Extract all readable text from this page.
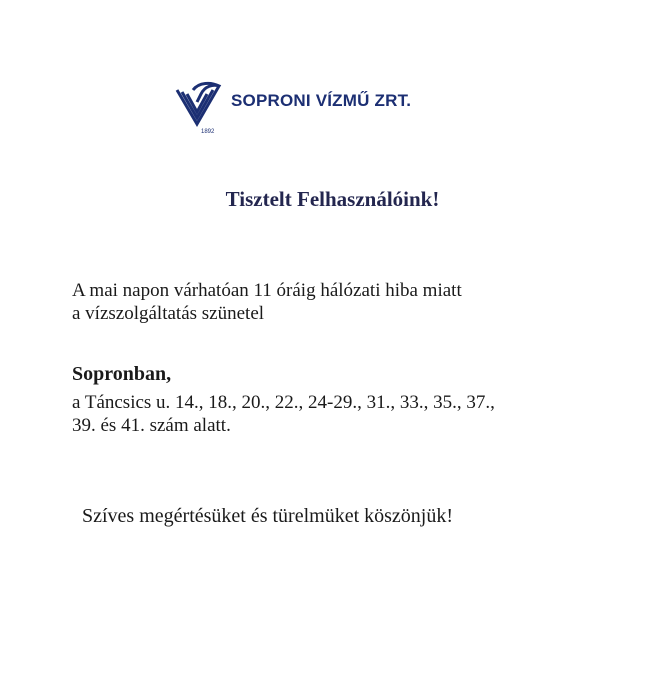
1892
SOPRONI VÍZMŰ ZRT.
Tisztelt Felhasználóink!

A mai napon várhatóan 11 óráig hálózati hiba miatt
a vízszolgáltatás szünetel

Sopronban,

a Táncsics u. 14., 18., 20., 22., 24-29., 31., 33., 35., 37.,
39. és 41. szám alatt.

Szíves megértésüket és türelmüket köszönjük!
